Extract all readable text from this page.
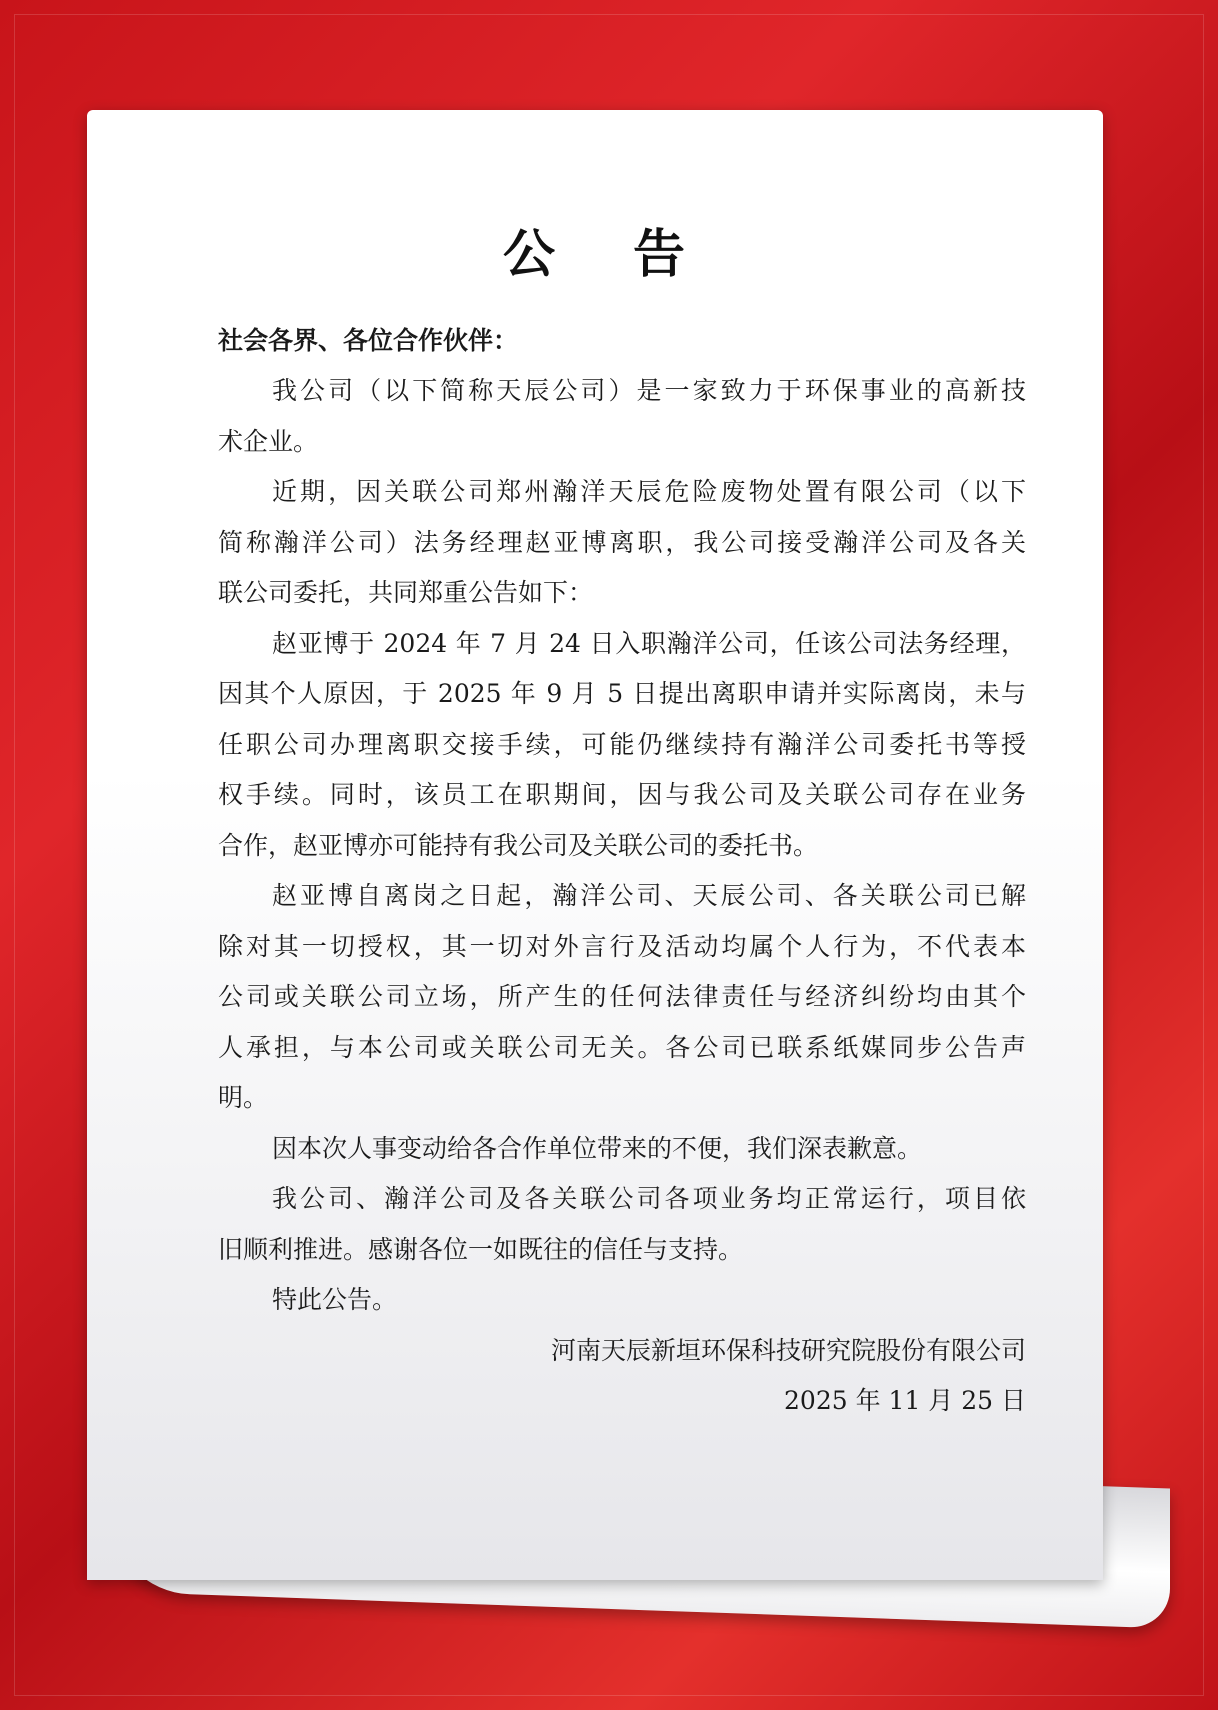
公 告
社会各界、各位合作伙伴：
我公司（以下简称天辰公司）是一家致力于环保事业的高新技
术企业。
近期，因关联公司郑州瀚洋天辰危险废物处置有限公司（以下
简称瀚洋公司）法务经理赵亚博离职，我公司接受瀚洋公司及各关
联公司委托，共同郑重公告如下：
赵亚博于 2024 年 7 月 24 日入职瀚洋公司，任该公司法务经理，
因其个人原因，于 2025 年 9 月 5 日提出离职申请并实际离岗，未与
任职公司办理离职交接手续，可能仍继续持有瀚洋公司委托书等授
权手续。同时，该员工在职期间，因与我公司及关联公司存在业务
合作，赵亚博亦可能持有我公司及关联公司的委托书。
赵亚博自离岗之日起，瀚洋公司、天辰公司、各关联公司已解
除对其一切授权，其一切对外言行及活动均属个人行为，不代表本
公司或关联公司立场，所产生的任何法律责任与经济纠纷均由其个
人承担，与本公司或关联公司无关。各公司已联系纸媒同步公告声
明。
因本次人事变动给各合作单位带来的不便，我们深表歉意。
我公司、瀚洋公司及各关联公司各项业务均正常运行，项目依
旧顺利推进。感谢各位一如既往的信任与支持。
特此公告。
河南天辰新垣环保科技研究院股份有限公司
2025 年 11 月 25 日
